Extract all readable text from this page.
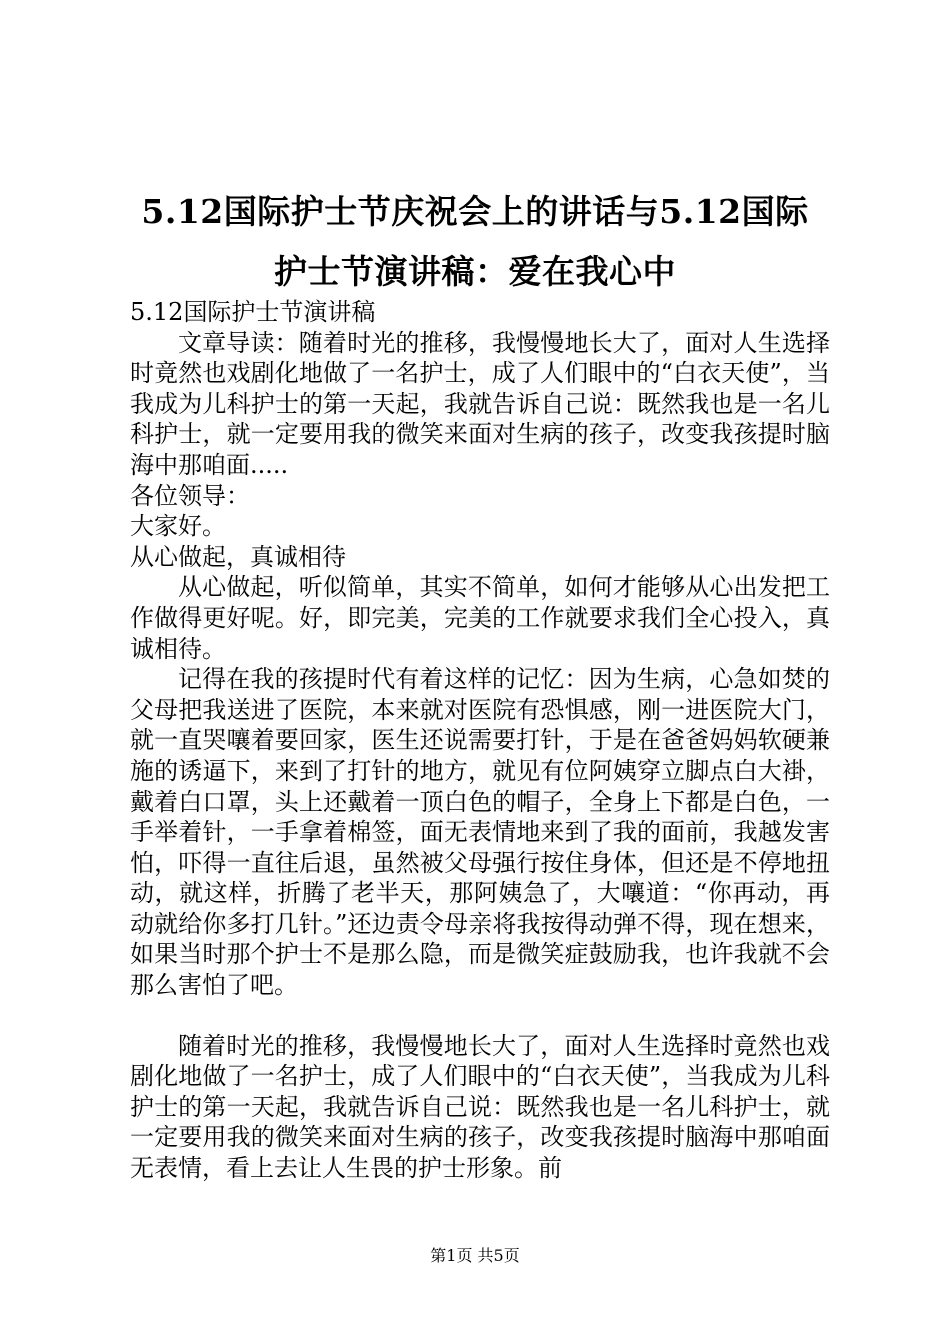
5.12国际护士节庆祝会上的讲话与5.12国际
护士节演讲稿：爱在我心中

5.12国际护士节演讲稿

文章导读：随着时光的推移，我慢慢地长大了，面对人生选择时竟然也戏剧化地做了一名护士，成了人们眼中的“白衣天使”，当我成为儿科护士的第一天起，我就告诉自己说：既然我也是一名儿科护士，就一定要用我的微笑来面对生病的孩子，改变我孩提时脑海中那咱面.....

各位领导：

大家好。

从心做起，真诚相待

从心做起，听似简单，其实不简单，如何才能够从心出发把工作做得更好呢。好，即完美，完美的工作就要求我们全心投入，真诚相待。

记得在我的孩提时代有着这样的记忆：因为生病，心急如焚的父母把我送进了医院，本来就对医院有恐惧感，刚一进医院大门，就一直哭嚷着要回家，医生还说需要打针，于是在爸爸妈妈软硬兼施的诱逼下，来到了打针的地方，就见有位阿姨穿立脚点白大褂，戴着白口罩，头上还戴着一顶白色的帽子，全身上下都是白色，一手举着针，一手拿着棉签，面无表情地来到了我的面前，我越发害怕，吓得一直往后退，虽然被父母强行按住身体，但还是不停地扭动，就这样，折腾了老半天，那阿姨急了，大嚷道：“你再动，再动就给你多打几针。”还边责令母亲将我按得动弹不得，现在想来，如果当时那个护士不是那么隐，而是微笑症鼓励我，也许我就不会那么害怕了吧。

随着时光的推移，我慢慢地长大了，面对人生选择时竟然也戏剧化地做了一名护士，成了人们眼中的“白衣天使”，当我成为儿科护士的第一天起，我就告诉自己说：既然我也是一名儿科护士，就一定要用我的微笑来面对生病的孩子，改变我孩提时脑海中那咱面无表情，看上去让人生畏的护士形象。前

第1页 共5页
